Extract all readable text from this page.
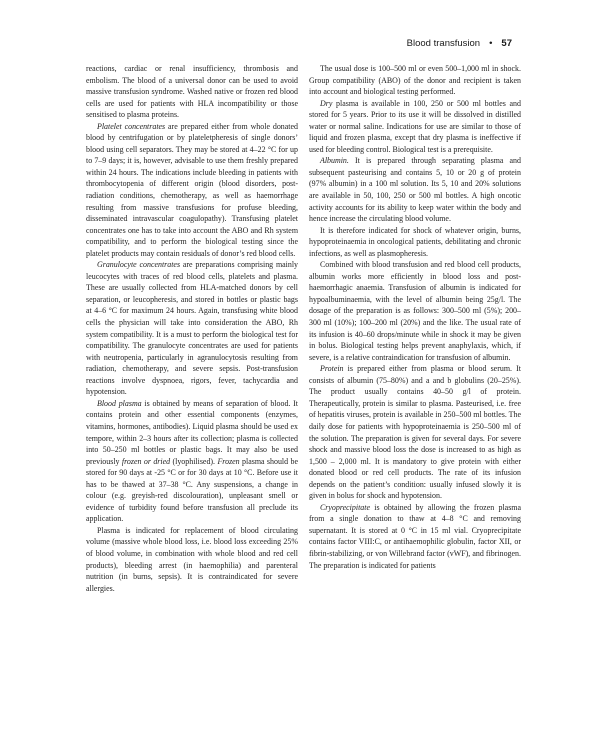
Blood transfusion • 57

reactions, cardiac or renal insufficiency, thrombosis and embolism. The blood of a universal donor can be used to avoid massive transfusion syndrome. Washed native or frozen red blood cells are used for patients with HLA incompatibility or those sensitised to plasma proteins.

Platelet concentrates are prepared either from whole donated blood by centrifugation or by plateletpheresis of single donors’ blood using cell separators. They may be stored at 4–22 °C for up to 7–9 days; it is, however, advisable to use them freshly prepared within 24 hours. The indications include bleeding in patients with thrombocytopenia of different origin (blood disorders, post-radiation conditions, chemotherapy, as well as haemorrhage resulting from massive transfusions for profuse bleeding, disseminated intravascular coagulopathy). Transfusing platelet concentrates one has to take into account the ABO and Rh system compatibility, and to perform the biological testing since the platelet products may contain residuals of donor’s red blood cells.

Granulocyte concentrates are preparations comprising mainly leucocytes with traces of red blood cells, platelets and plasma. These are usually collected from HLA-matched donors by cell separation, or leucopheresis, and stored in bottles or plastic bags at 4–6 °C for maximum 24 hours. Again, transfusing white blood cells the physician will take into consideration the ABO, Rh system compatibility. It is a must to perform the biological test for compatibility. The granulocyte concentrates are used for patients with neutropenia, particularly in agranulocytosis resulting from radiation, chemotherapy, and severe sepsis. Post-transfusion reactions involve dyspnoea, rigors, fever, tachycardia and hypotension.

Blood plasma is obtained by means of separation of blood. It contains protein and other essential components (enzymes, vitamins, hormones, antibodies). Liquid plasma should be used ex tempore, within 2–3 hours after its collection; plasma is collected into 50–250 ml bottles or plastic bags. It may also be used previously frozen or dried (lyophilised). Frozen plasma should be stored for 90 days at -25 °C or for 30 days at 10 °C. Before use it has to be thawed at 37–38 °C. Any suspensions, a change in colour (e.g. greyish-red discolouration), unpleasant smell or evidence of turbidity found before transfusion all preclude its application.

Plasma is indicated for replacement of blood circulating volume (massive whole blood loss, i.e. blood loss exceeding 25% of blood volume, in combination with whole blood and red cell products), bleeding arrest (in haemophilia) and parenteral nutrition (in burns, sepsis). It is contraindicated for severe allergies.

The usual dose is 100–500 ml or even 500–1,000 ml in shock. Group compatibility (ABO) of the donor and recipient is taken into account and biological testing performed.

Dry plasma is available in 100, 250 or 500 ml bottles and stored for 5 years. Prior to its use it will be dissolved in distilled water or normal saline. Indications for use are similar to those of liquid and frozen plasma, except that dry plasma is ineffective if used for bleeding control. Biological test is a prerequisite.

Albumin. It is prepared through separating plasma and subsequent pasteurising and contains 5, 10 or 20 g of protein (97% albumin) in a 100 ml solution. Its 5, 10 and 20% solutions are available in 50, 100, 250 or 500 ml bottles. A high oncotic activity accounts for its ability to keep water within the body and hence increase the circulating blood volume.

It is therefore indicated for shock of whatever origin, burns, hypoproteinaemia in oncological patients, debilitating and chronic infections, as well as plasmopheresis.

Combined with blood transfusion and red blood cell products, albumin works more efficiently in blood loss and post-haemorrhagic anaemia. Transfusion of albumin is indicated for hypoalbuminaemia, with the level of albumin being 25g/l. The dosage of the preparation is as follows: 300–500 ml (5%); 200–300 ml (10%); 100–200 ml (20%) and the like. The usual rate of its infusion is 40–60 drops/minute while in shock it may be given in bolus. Biological testing helps prevent anaphylaxis, which, if severe, is a relative contraindication for transfusion of albumin.

Protein is prepared either from plasma or blood serum. It consists of albumin (75–80%) and a and b globulins (20–25%). The product usually contains 40–50 g/l of protein. Therapeutically, protein is similar to plasma. Pasteurised, i.e. free of hepatitis viruses, protein is available in 250–500 ml bottles. The daily dose for patients with hypoproteinaemia is 250–500 ml of the solution. The preparation is given for several days. For severe shock and massive blood loss the dose is increased to as high as 1,500 – 2,000 ml. It is mandatory to give protein with either donated blood or red cell products. The rate of its infusion depends on the patient’s condition: usually infused slowly it is given in bolus for shock and hypotension.

Cryoprecipitate is obtained by allowing the frozen plasma from a single donation to thaw at 4–8 °C and removing supernatant. It is stored at 0 °C in 15 ml vial. Cryoprecipitate contains factor VIII:C, or antihaemophilic globulin, factor XII, or fibrin-stabilizing, or von Willebrand factor (vWF), and fibrinogen. The preparation is indicated for patients
